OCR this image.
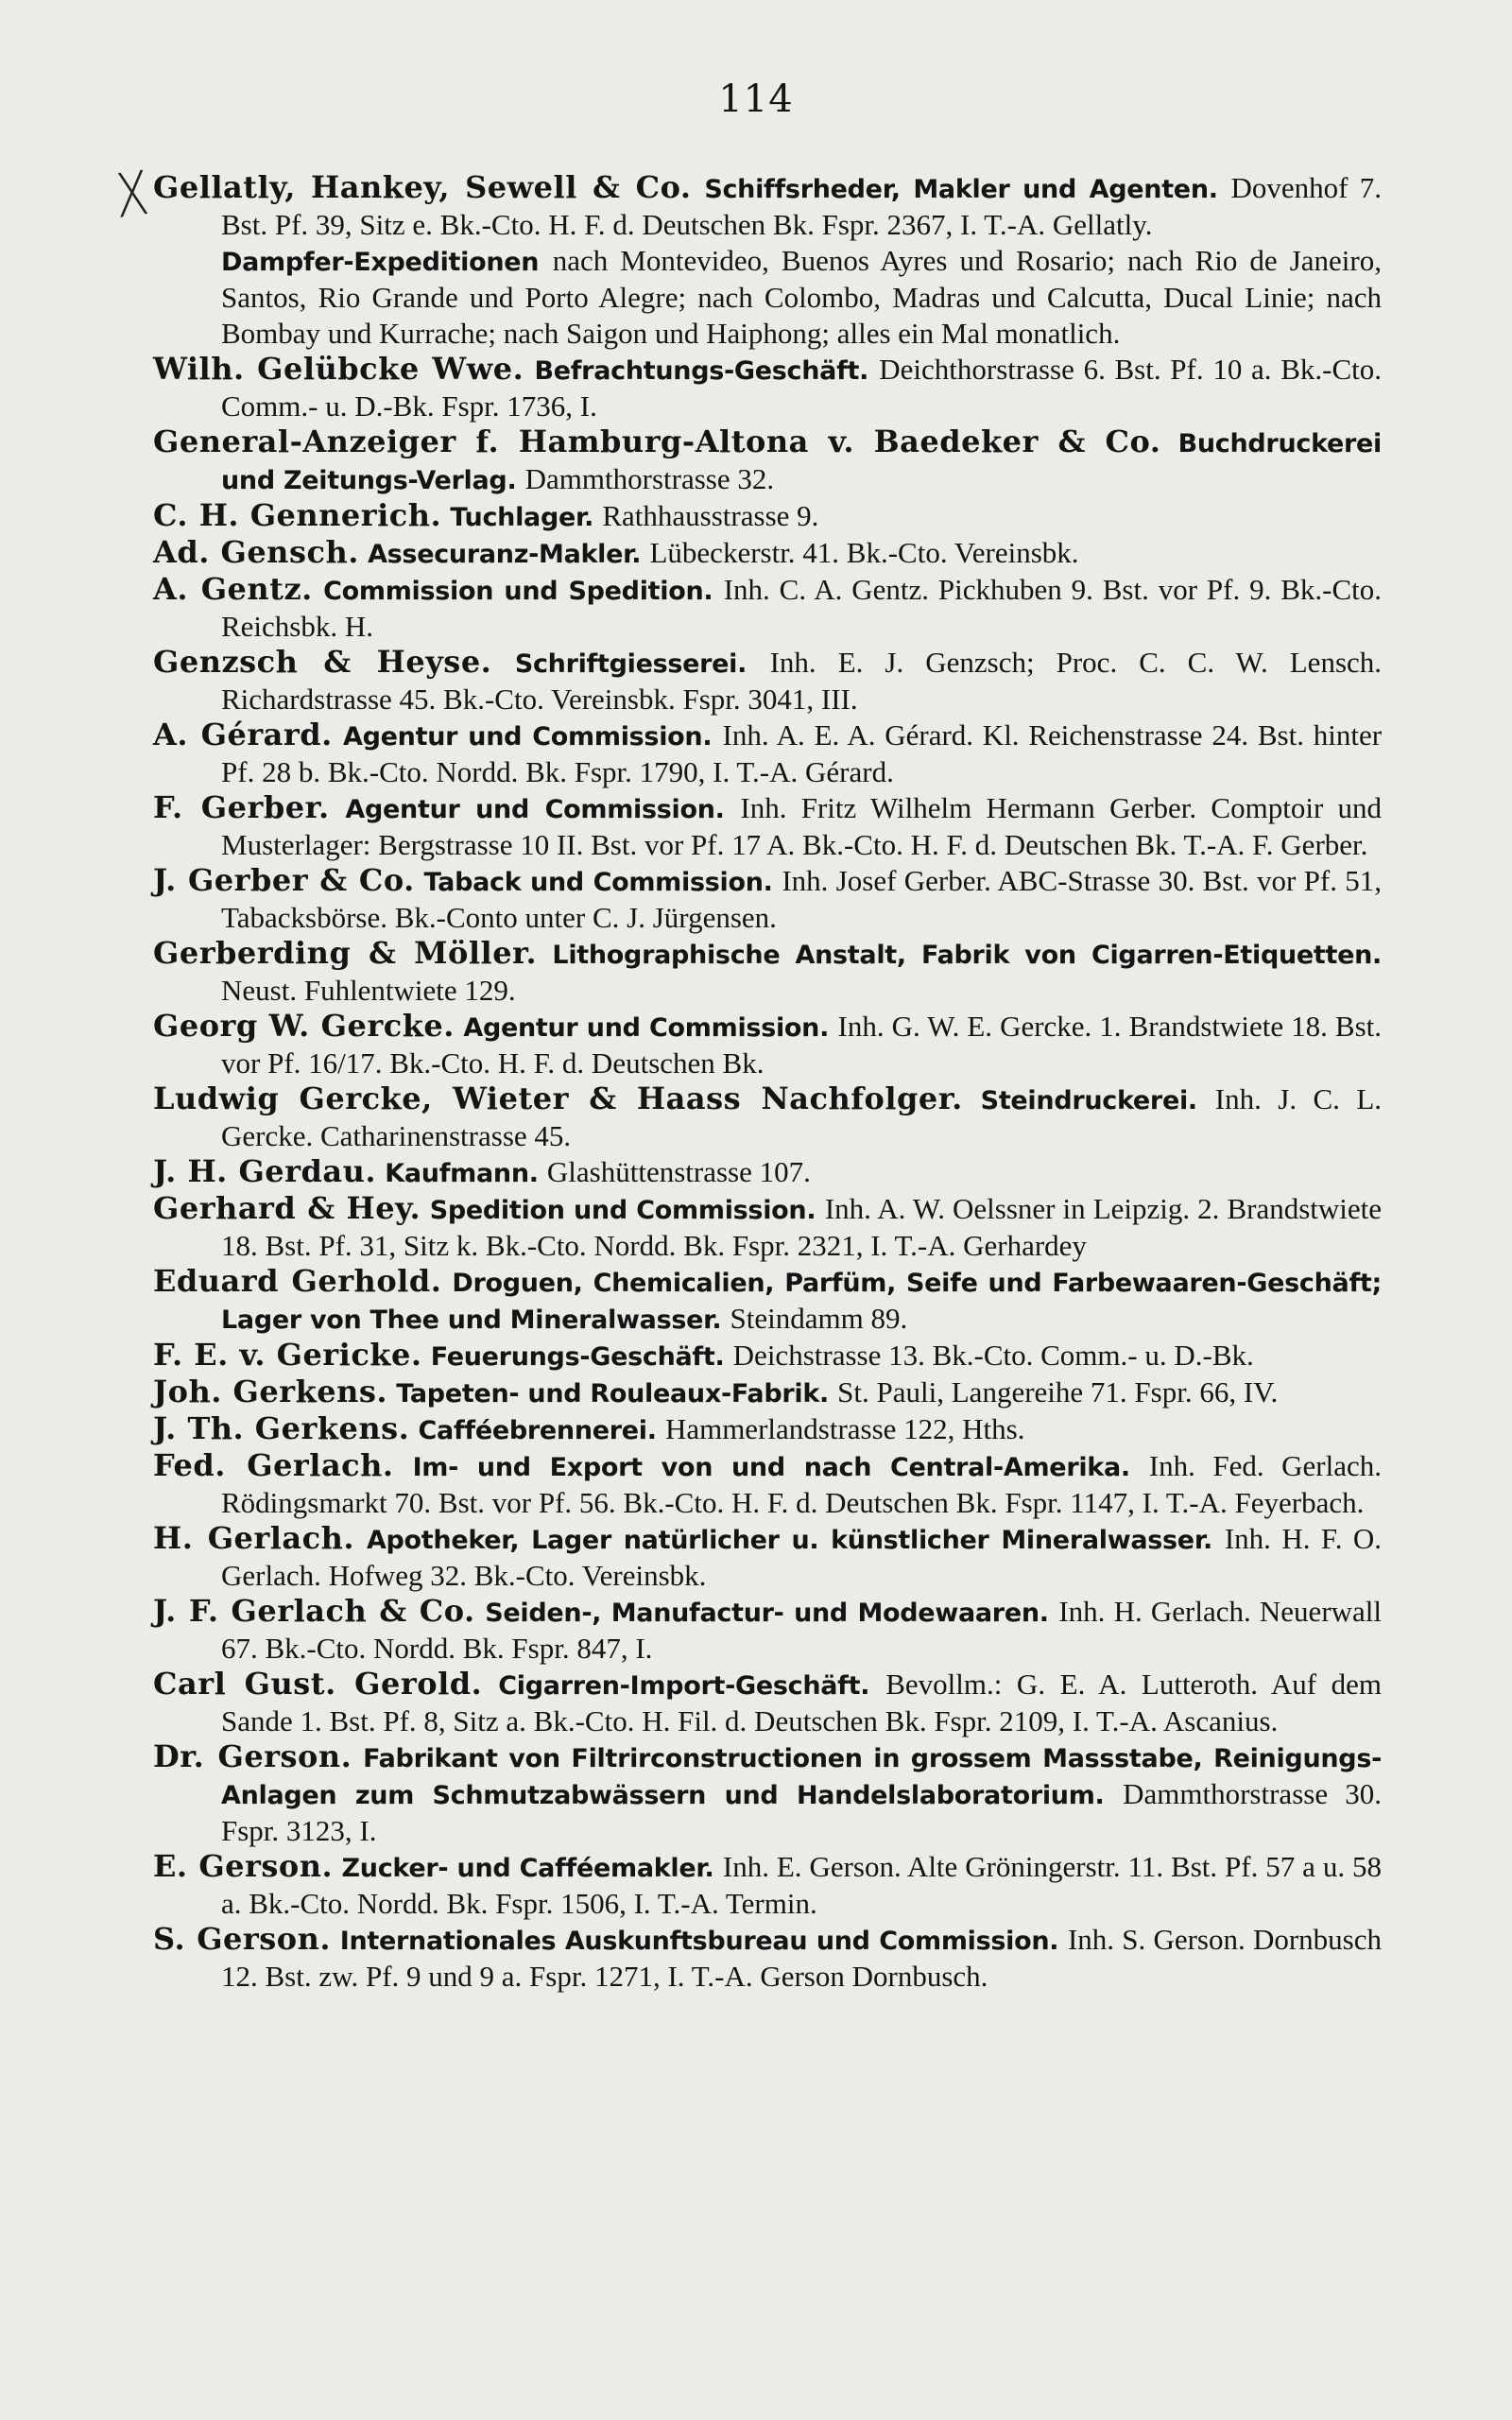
114
X Gellatly, Hankey, Sewell & Co. Schiffsrheder, Makler und Agenten. Dovenhof 7. Bst. Pf. 39, Sitz e. Bk.-Cto. H. F. d. Deutschen Bk. Fspr. 2367, I. T.-A. Gellatly.
Dampfer-Expeditionen nach Montevideo, Buenos Ayres und Rosario; nach Rio de Janeiro, Santos, Rio Grande und Porto Alegre; nach Colombo, Madras und Calcutta, Ducal Linie; nach Bombay und Kurrache; nach Saigon und Haiphong; alles ein Mal monatlich.
Wilh. Gelübcke Wwe. Befrachtungs-Geschäft. Deichthorstrasse 6. Bst. Pf. 10 a. Bk.-Cto. Comm.- u. D.-Bk. Fspr. 1736, I.
General-Anzeiger f. Hamburg-Altona v. Baedeker & Co. Buchdruckerei und Zeitungs-Verlag. Dammthorstrasse 32.
C. H. Gennerich. Tuchlager. Rathhausstrasse 9.
Ad. Gensch. Assecuranz-Makler. Lübeckerstr. 41. Bk.-Cto. Vereinsbk.
A. Gentz. Commission und Spedition. Inh. C. A. Gentz. Pickhuben 9. Bst. vor Pf. 9. Bk.-Cto. Reichsbk. H.
Genzsch & Heyse. Schriftgiesserei. Inh. E. J. Genzsch; Proc. C. C. W. Lensch. Richardstrasse 45. Bk.-Cto. Vereinsbk. Fspr. 3041, III.
A. Gérard. Agentur und Commission. Inh. A. E. A. Gérard. Kl. Reichenstrasse 24. Bst. hinter Pf. 28 b. Bk.-Cto. Nordd. Bk. Fspr. 1790, I. T.-A. Gérard.
F. Gerber. Agentur und Commission. Inh. Fritz Wilhelm Hermann Gerber. Comptoir und Musterlager: Bergstrasse 10 II. Bst. vor Pf. 17 A. Bk.-Cto. H. F. d. Deutschen Bk. T.-A. F. Gerber.
J. Gerber & Co. Taback und Commission. Inh. Josef Gerber. ABC-Strasse 30. Bst. vor Pf. 51, Tabacksbörse. Bk.-Conto unter C. J. Jürgensen.
Gerberding & Möller. Lithographische Anstalt, Fabrik von Cigarren-Etiquetten. Neust. Fuhlentwiete 129.
Georg W. Gercke. Agentur und Commission. Inh. G. W. E. Gercke. 1. Brandstwiete 18. Bst. vor Pf. 16/17. Bk.-Cto. H. F. d. Deutschen Bk.
Ludwig Gercke, Wieter & Haass Nachfolger. Steindruckerei. Inh. J. C. L. Gercke. Catharinenstrasse 45.
J. H. Gerdau. Kaufmann. Glashüttenstrasse 107.
Gerhard & Hey. Spedition und Commission. Inh. A. W. Oelssner in Leipzig. 2. Brandstwiete 18. Bst. Pf. 31, Sitz k. Bk.-Cto. Nordd. Bk. Fspr. 2321, I. T.-A. Gerhardey
Eduard Gerhold. Droguen, Chemicalien, Parfüm, Seife und Farbewaaren-Geschäft; Lager von Thee und Mineralwasser. Steindamm 89.
F. E. v. Gericke. Feuerungs-Geschäft. Deichstrasse 13. Bk.-Cto. Comm.- u. D.-Bk.
Joh. Gerkens. Tapeten- und Rouleaux-Fabrik. St. Pauli, Langereihe 71. Fspr. 66, IV.
J. Th. Gerkens. Cafféebrennerei. Hammerlandstrasse 122, Hths.
Fed. Gerlach. Im- und Export von und nach Central-Amerika. Inh. Fed. Gerlach. Rödingsmarkt 70. Bst. vor Pf. 56. Bk.-Cto. H. F. d. Deutschen Bk. Fspr. 1147, I. T.-A. Feyerbach.
H. Gerlach. Apotheker, Lager natürlicher u. künstlicher Mineralwasser. Inh. H. F. O. Gerlach. Hofweg 32. Bk.-Cto. Vereinsbk.
J. F. Gerlach & Co. Seiden-, Manufactur- und Modewaaren. Inh. H. Gerlach. Neuerwall 67. Bk.-Cto. Nordd. Bk. Fspr. 847, I.
Carl Gust. Gerold. Cigarren-Import-Geschäft. Bevollm.: G. E. A. Lutteroth. Auf dem Sande 1. Bst. Pf. 8, Sitz a. Bk.-Cto. H. Fil. d. Deutschen Bk. Fspr. 2109, I. T.-A. Ascanius.
Dr. Gerson. Fabrikant von Filtrirconstructionen in grossem Massstabe, Reinigungs-Anlagen zum Schmutzabwässern und Handelslaboratorium. Dammthorstrasse 30. Fspr. 3123, I.
E. Gerson. Zucker- und Cafféemakler. Inh. E. Gerson. Alte Gröningerstr. 11. Bst. Pf. 57 a u. 58 a. Bk.-Cto. Nordd. Bk. Fspr. 1506, I. T.-A. Termin.
S. Gerson. Internationales Auskunftsbureau und Commission. Inh. S. Gerson. Dornbusch 12. Bst. zw. Pf. 9 und 9 a. Fspr. 1271, I. T.-A. Gerson Dornbusch.
